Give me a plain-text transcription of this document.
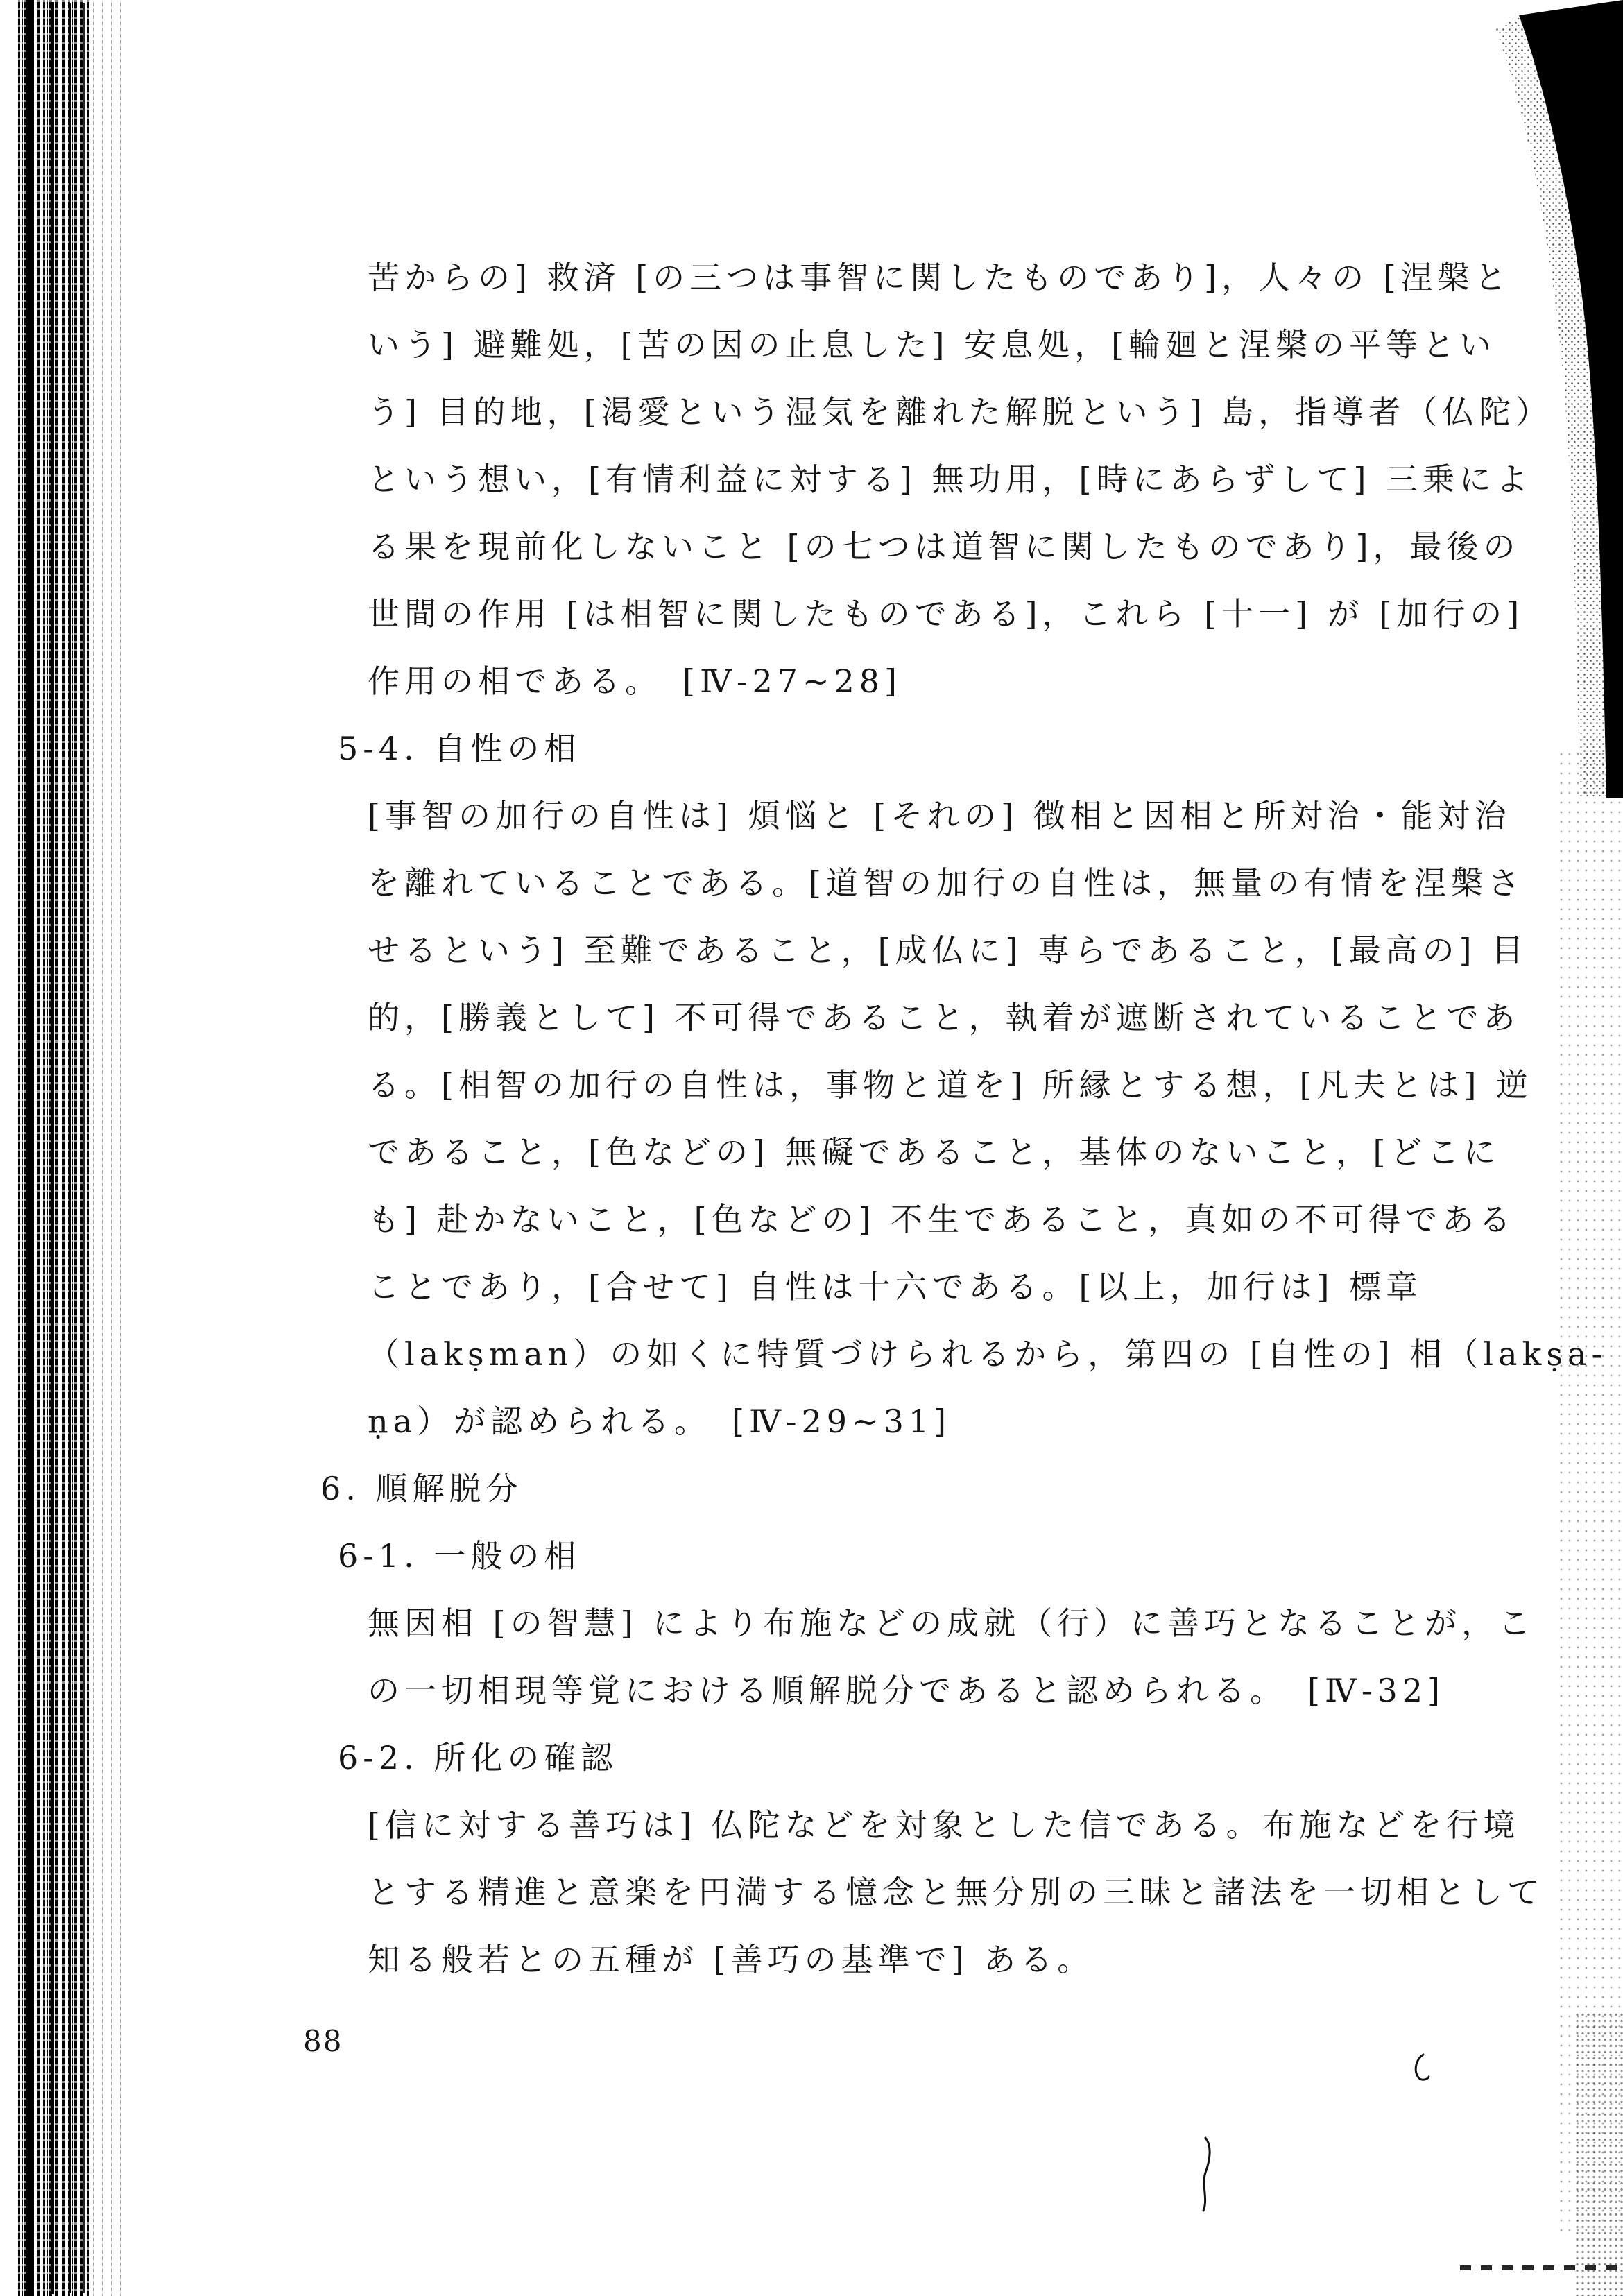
苦からの] 救済 [の三つは事智に関したものであり]，人々の [涅槃と
いう] 避難処，[苦の因の止息した] 安息処，[輪廻と涅槃の平等とい
う] 目的地，[渇愛という湿気を離れた解脱という] 島，指導者（仏陀）
という想い，[有情利益に対する] 無功用，[時にあらずして] 三乗によ
る果を現前化しないこと [の七つは道智に関したものであり]，最後の
世間の作用 [は相智に関したものである]，これら [十一] が [加行の]
作用の相である。　[Ⅳ-27~28]
5-4. 自性の相
[事智の加行の自性は] 煩悩と [それの] 徴相と因相と所対治・能対治
を離れていることである。[道智の加行の自性は，無量の有情を涅槃さ
せるという] 至難であること，[成仏に] 専らであること，[最高の] 目
的，[勝義として] 不可得であること，執着が遮断されていることであ
る。[相智の加行の自性は，事物と道を] 所縁とする想，[凡夫とは] 逆
であること，[色などの] 無礙であること，基体のないこと，[どこに
も] 赴かないこと，[色などの] 不生であること，真如の不可得である
ことであり，[合せて] 自性は十六である。[以上，加行は] 標章
（lakṣman）の如くに特質づけられるから，第四の [自性の] 相（lakṣa-
ṇa）が認められる。　[Ⅳ-29~31]
6. 順解脱分
6-1. 一般の相
無因相 [の智慧] により布施などの成就（行）に善巧となることが，こ
の一切相現等覚における順解脱分であると認められる。　[Ⅳ-32]
6-2. 所化の確認
[信に対する善巧は] 仏陀などを対象とした信である。布施などを行境
とする精進と意楽を円満する憶念と無分別の三昧と諸法を一切相として
知る般若との五種が [善巧の基準で] ある。
88
